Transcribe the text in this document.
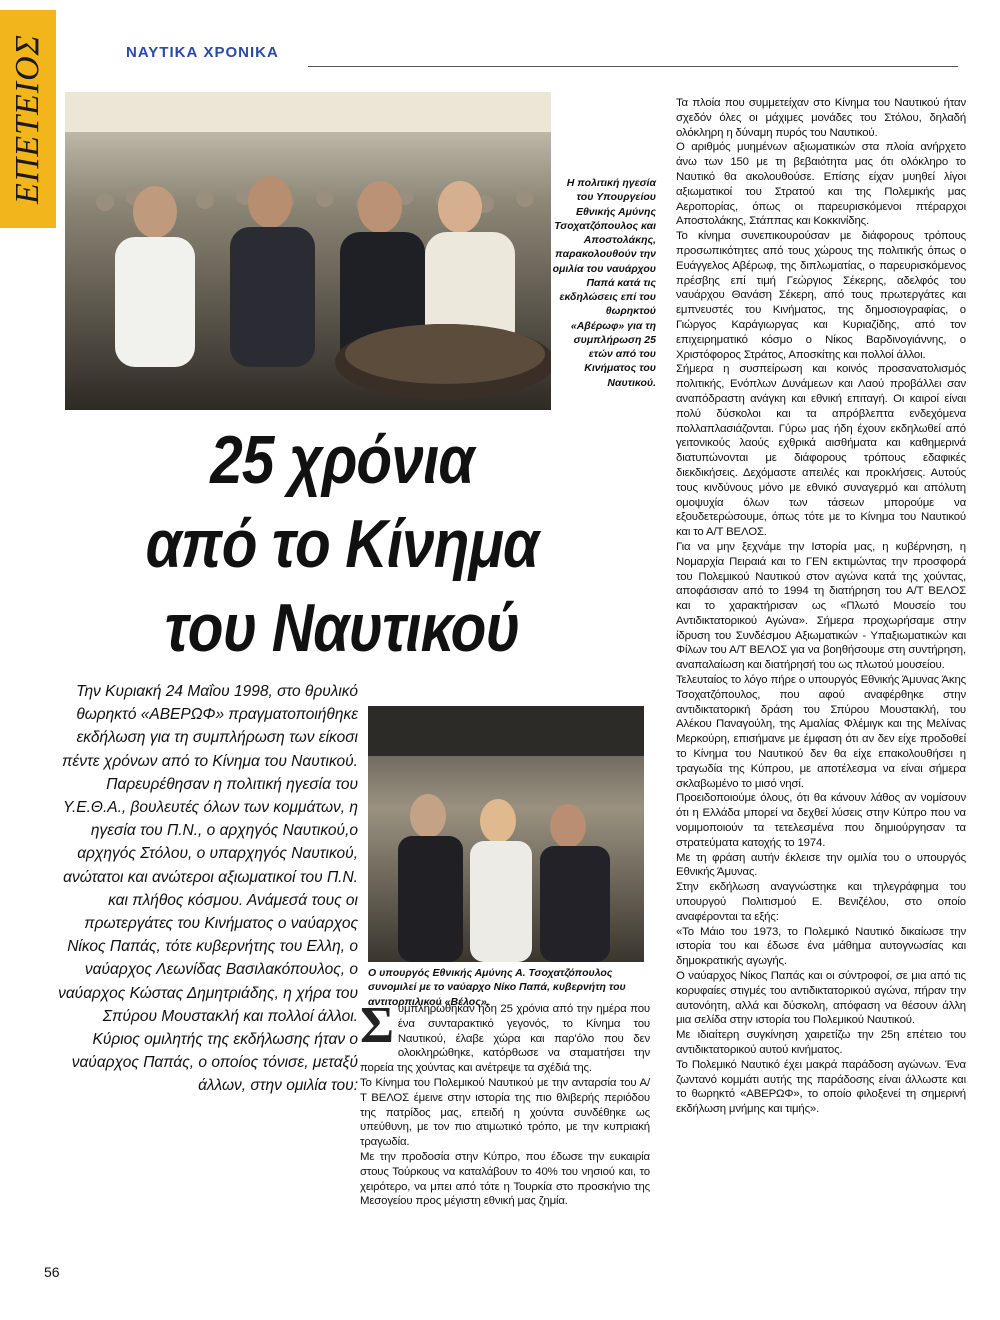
ΕΠΕΤΕΙΟΣ	ΝΑΥΤΙΚΑ ΧΡΟΝΙΚΑ
Η πολιτική ηγεσία του Υπουργείου Εθνικής Αμύνης Τσοχατζόπουλος και Αποστολάκης, παρακολουθούν την ομιλία του ναυάρχου Παπά κατά τις εκδηλώσεις επί του θωρηκτού «Αβέρωφ» για τη συμπλήρωση 25 ετών από του Κινήματος του Ναυτικού.
25 χρόνια
από το Κίνημα
του Ναυτικού
Την Κυριακή 24 Μαΐου 1998, στο θρυλικό θωρηκτό «ΑΒΕΡΩΦ» πραγματοποιήθηκε εκδήλωση για τη συμπλήρωση των είκοσι πέντε χρόνων από το Κίνημα του Ναυτικού. Παρευρέθησαν η πολιτική ηγεσία του Υ.Ε.Θ.Α., βουλευτές όλων των κομμάτων, η ηγεσία του Π.Ν., ο αρχηγός Ναυτικού,ο αρχηγός Στόλου, ο υπαρχηγός Ναυτικού, ανώτατοι και ανώτεροι αξιωματικοί του Π.Ν. και πλήθος κόσμου. Ανάμεσά τους οι πρωτεργάτες του Κινήματος ο ναύαρχος Νίκος Παπάς, τότε κυβερνήτης του Ελλη, ο ναύαρχος Λεωνίδας Βασιλακόπουλος, ο ναύαρχος Κώστας Δημητριάδης, η χήρα του Σπύρου Μουστακλή και πολλοί άλλοι. Κύριος ομιλητής της εκδήλωσης ήταν ο ναύαρχος Παπάς, ο οποίος τόνισε, μεταξύ άλλων, στην ομιλία του:
Ο υπουργός Εθνικής Αμύνης Α. Τσοχατζόπουλος συνομιλεί με το ναύαρχο Νίκο Παπά, κυβερνήτη του αντιτορπιλικού «Βέλος».
Σ υμπληρώθηκαν ήδη 25 χρόνια από την ημέρα που ένα συνταρακτικό γεγονός, το Κίνημα του Ναυτικού, έλαβε χώρα και παρ'όλο που δεν ολοκληρώθηκε, κατόρθωσε να σταματήσει την πορεία της χούντας και ανέτρεψε τα σχέδιά της.

Το Κίνημα του Πολεμικού Ναυτικού με την ανταρσία του Α/Τ ΒΕΛΟΣ έμεινε στην ιστορία της πιο θλιβερής περιόδου της πατρίδος μας, επειδή η χούντα συνδέθηκε ως υπεύθυνη, με τον πιο ατιμωτικό τρόπο, με την κυπριακή τραγωδία.

Με την προδοσία στην Κύπρο, που έδωσε την ευκαιρία στους Τούρκους να καταλάβουν το 40% του νησιού και, το χειρότερο, να μπει από τότε η Τουρκία στο προσκήνιο της Μεσογείου προς μέγιστη εθνική μας ζημία.

Τα πλοία που συμμετείχαν στο Κίνημα του Ναυτικού ήταν σχεδόν όλες οι μάχιμες μονάδες του Στόλου, δηλαδή ολόκληρη η δύναμη πυρός του Ναυτικού.

Ο αριθμός μυημένων αξιωματικών στα πλοία ανήρχετο άνω των 150 με τη βεβαιότητα μας ότι ολόκληρο το Ναυτικό θα ακολουθούσε. Επίσης είχαν μυηθεί λίγοι αξιωματικοί του Στρατού και της Πολεμικής μας Αεροπορίας, όπως οι παρευρισκόμενοι πτέραρχοι Αποστολάκης, Στάππας και Κοκκινίδης.

Το κίνημα συνεπικουρούσαν με διάφορους τρόπους προσωπικότητες από τους χώρους της πολιτικής όπως ο Ευάγγελος Αβέρωφ, της διπλωματίας, ο παρευρισκόμενος πρέσβης επί τιμή Γεώργιος Σέκερης, αδελφός του ναυάρχου Θανάση Σέκερη, από τους πρωτεργάτες και εμπνευστές του Κινήματος, της δημοσιογραφίας, ο Γιώργος Καράγιωργας και Κυριαζίδης, από τον επιχειρηματικό κόσμο ο Νίκος Βαρδινογιάννης, ο Χριστόφορος Στράτος, Αποσκίτης και πολλοί άλλοι.

Σήμερα η συσπείρωση και κοινός προσανατολισμός πολιτικής, Ενόπλων Δυνάμεων και Λαού προβάλλει σαν αναπόδραστη ανάγκη και εθνική επιταγή. Οι καιροί είναι πολύ δύσκολοι και τα απρόβλεπτα ενδεχόμενα πολλαπλασιάζονται. Γύρω μας ήδη έχουν εκδηλωθεί από γειτονικούς λαούς εχθρικά αισθήματα και καθημερινά διατυπώνονται με διάφορους τρόπους εδαφικές διεκδικήσεις. Δεχόμαστε απειλές και προκλήσεις. Αυτούς τους κινδύνους μόνο με εθνικό συναγερμό και απόλυτη ομοψυχία όλων των τάσεων μπορούμε να εξουδετερώσουμε, όπως τότε με το Κίνημα του Ναυτικού και το Α/Τ ΒΕΛΟΣ.

Για να μην ξεχνάμε την Ιστορία μας, η κυβέρνηση, η Νομαρχία Πειραιά και το ΓΕΝ εκτιμώντας την προσφορά του Πολεμικού Ναυτικού στον αγώνα κατά της χούντας, αποφάσισαν από το 1994 τη διατήρηση του Α/Τ ΒΕΛΟΣ και το χαρακτήρισαν ως «Πλωτό Μουσείο του Αντιδικτατορικού Αγώνα». Σήμερα προχωρήσαμε στην ίδρυση του Συνδέσμου Αξιωματικών - Υπαξιωματικών και Φίλων του Α/Τ ΒΕΛΟΣ για να βοηθήσουμε στη συντήρηση, αναπαλαίωση και διατήρησή του ως πλωτού μουσείου.

Τελευταίος το λόγο πήρε ο υπουργός Εθνικής Άμυνας Άκης Τσοχατζόπουλος, που αφού αναφέρθηκε στην αντιδικτατορική δράση του Σπύρου Μουστακλή, του Αλέκου Παναγούλη, της Αμαλίας Φλέμιγκ και της Μελίνας Μερκούρη, επισήμανε με έμφαση ότι αν δεν είχε προδοθεί το Κίνημα του Ναυτικού δεν θα είχε επακολουθήσει η τραγωδία της Κύπρου, με αποτέλεσμα να είναι σήμερα σκλαβωμένο το μισό νησί.

Προειδοποιούμε όλους, ότι θα κάνουν λάθος αν νομίσουν ότι η Ελλάδα μπορεί να δεχθεί λύσεις στην Κύπρο που να νομιμοποιούν τα τετελεσμένα που δημιούργησαν τα στρατεύματα κατοχής το 1974.

Με τη φράση αυτήν έκλεισε την ομιλία του ο υπουργός Εθνικής Άμυνας.

Στην εκδήλωση αναγνώστηκε και τηλεγράφημα του υπουργού Πολιτισμού Ε. Βενιζέλου, στο οποίο αναφέρονται τα εξής:

«Το Μάιο του 1973, το Πολεμικό Ναυτικό δικαίωσε την ιστορία του και έδωσε ένα μάθημα αυτογνωσίας και δημοκρατικής αγωγής.

Ο ναύαρχος Νίκος Παπάς και οι σύντροφοί, σε μια από τις κορυφαίες στιγμές του αντιδικτατορικού αγώνα, πήραν την αυτονόητη, αλλά και δύσκολη, απόφαση να θέσουν άλλη μια σελίδα στην ιστορία του Πολεμικού Ναυτικού.

Με ιδιαίτερη συγκίνηση χαιρετίζω την 25η επέτειο του αντιδικτατορικού αυτού κινήματος.

Το Πολεμικό Ναυτικό έχει μακρά παράδοση αγώνων. Ένα ζωντανό κομμάτι αυτής της παράδοσης είναι άλλωστε και το θωρηκτό «ΑΒΕΡΩΦ», το οποίο φιλοξενεί τη σημερινή εκδήλωση μνήμης και τιμής».

56
